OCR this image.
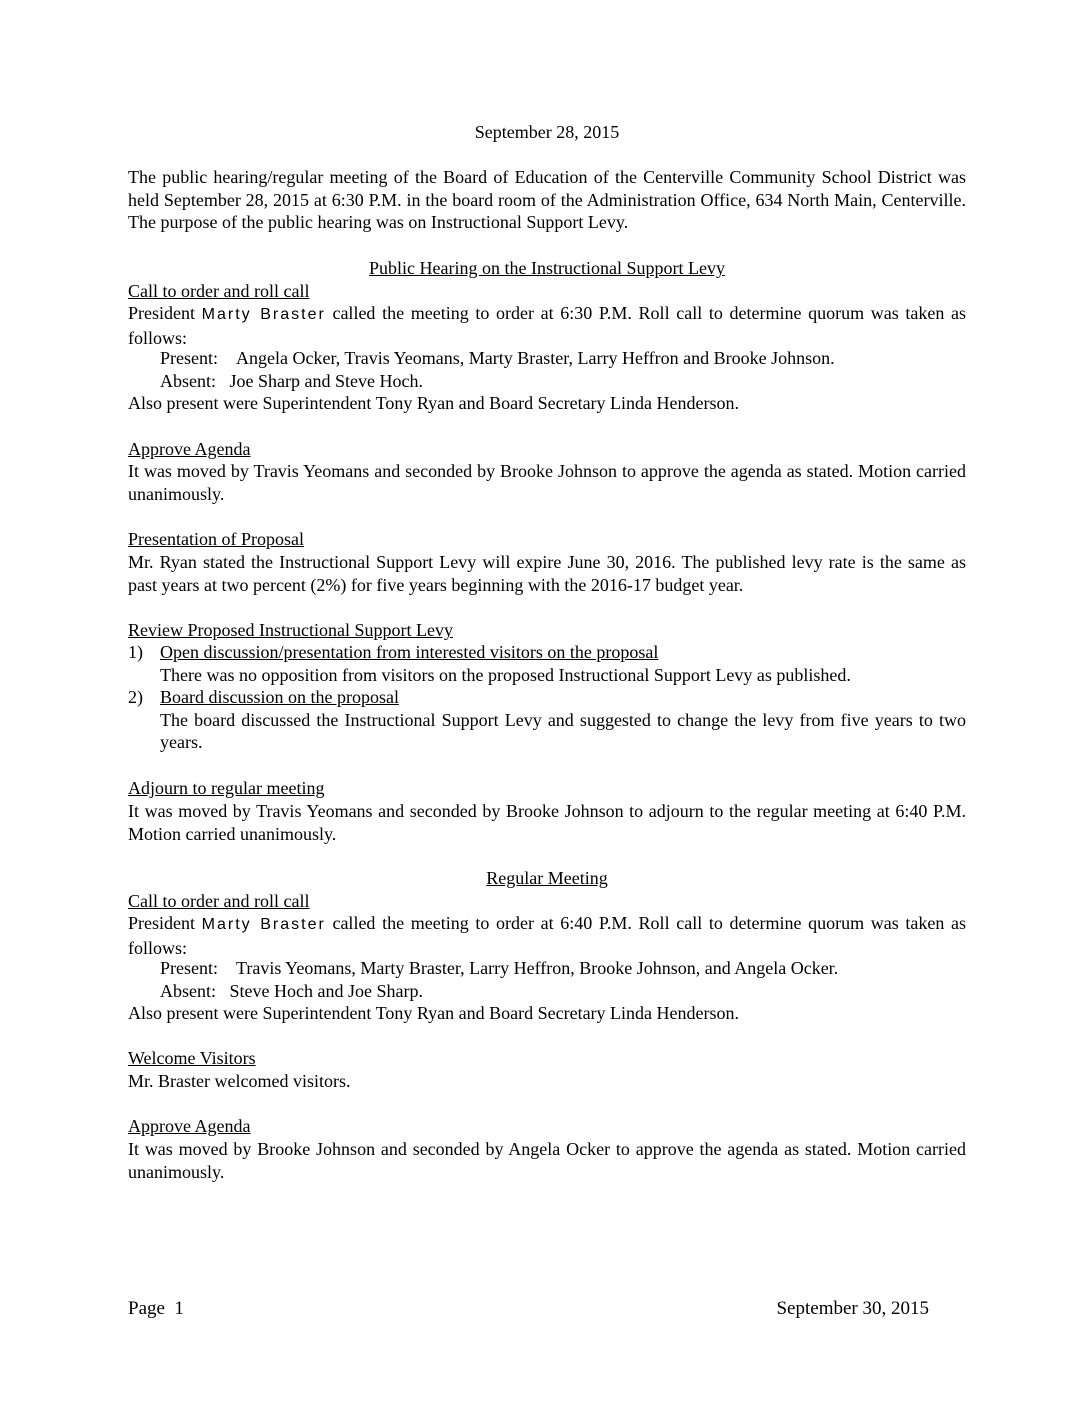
September 28, 2015

The public hearing/regular meeting of the Board of Education of the Centerville Community School District was held September 28, 2015 at 6:30 P.M. in the board room of the Administration Office, 634 North Main, Centerville. The purpose of the public hearing was on Instructional Support Levy.

Public Hearing on the Instructional Support Levy
Call to order and roll call

President Marty Braster called the meeting to order at 6:30 P.M. Roll call to determine quorum was taken as follows:

Present: Angela Ocker, Travis Yeomans, Marty Braster, Larry Heffron and Brooke Johnson.
Absent: Joe Sharp and Steve Hoch.
Also present were Superintendent Tony Ryan and Board Secretary Linda Henderson.
Approve Agenda

It was moved by Travis Yeomans and seconded by Brooke Johnson to approve the agenda as stated. Motion carried unanimously.

Presentation of Proposal

Mr. Ryan stated the Instructional Support Levy will expire June 30, 2016. The published levy rate is the same as past years at two percent (2%) for five years beginning with the 2016-17 budget year.

Review Proposed Instructional Support Levy
1) Open discussion/presentation from interested visitors on the proposal

There was no opposition from visitors on the proposed Instructional Support Levy as published.

2) Board discussion on the proposal

The board discussed the Instructional Support Levy and suggested to change the levy from five years to two years.

Adjourn to regular meeting

It was moved by Travis Yeomans and seconded by Brooke Johnson to adjourn to the regular meeting at 6:40 P.M. Motion carried unanimously.

Regular Meeting
Call to order and roll call

President Marty Braster called the meeting to order at 6:40 P.M. Roll call to determine quorum was taken as follows:

Present: Travis Yeomans, Marty Braster, Larry Heffron, Brooke Johnson, and Angela Ocker.
Absent: Steve Hoch and Joe Sharp.
Also present were Superintendent Tony Ryan and Board Secretary Linda Henderson.
Welcome Visitors
Mr. Braster welcomed visitors.
Approve Agenda

It was moved by Brooke Johnson and seconded by Angela Ocker to approve the agenda as stated. Motion carried unanimously.

Page  1	September 30, 2015
